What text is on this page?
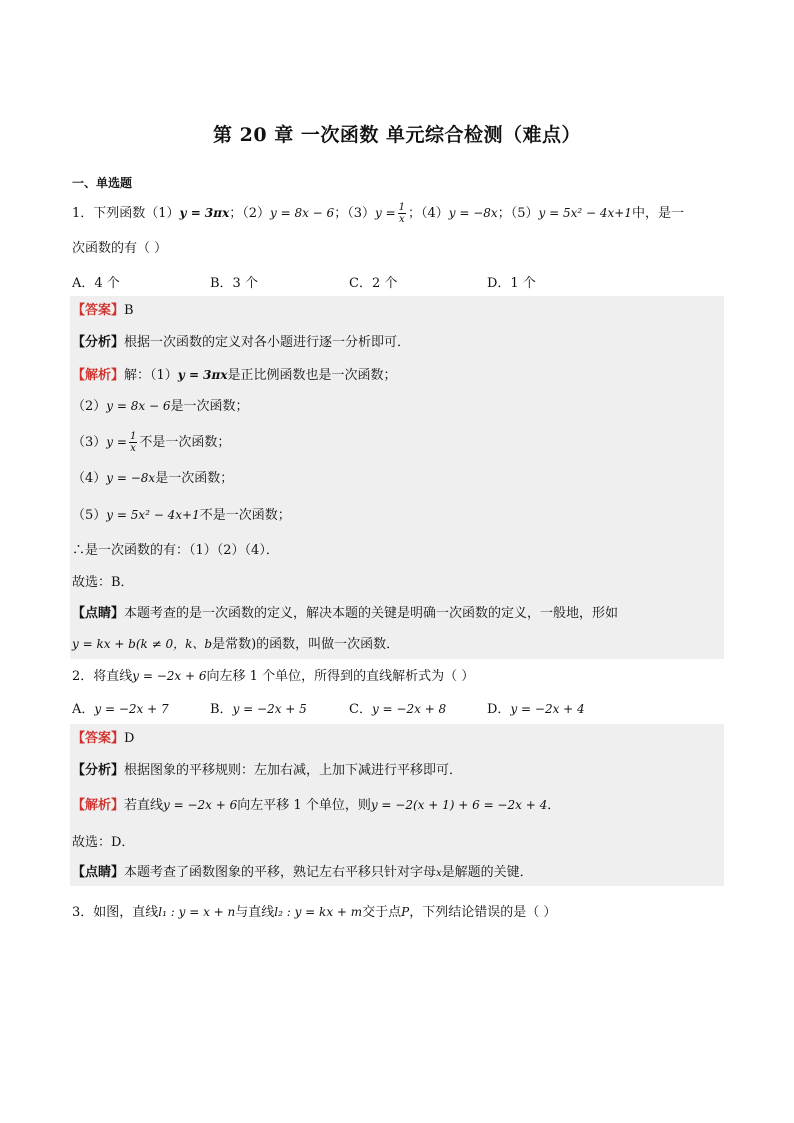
第 20 章 一次函数 单元综合检测（难点）
一、单选题
1．下列函数（1）y = 3πx；（2）y = 8x − 6；$(3)y = \frac{1}{x}$ ；（4）y = −8x；（5）y = 5x² − 4x+1中，是一
次函数的有（ ）
A．4 个	B．3 个	C．2 个	D．1 个
【答案】B
【分析】根据一次函数的定义对各小题进行逐一分析即可．
【解析】解：（1）y = 3πx是正比例函数也是一次函数；
（2）y = 8x − 6是一次函数；
$(3)y = \frac{1}{x}$ 不是一次函数；
（4）y = −8x是一次函数；
（5）y = 5x² − 4x+1不是一次函数；
∴是一次函数的有：（1）（2）（4）．
故选：B．
【点睛】本题考查的是一次函数的定义，解决本题的关键是明确一次函数的定义，一般地，形如
y = kx + b(k ≠ 0，k、b是常数)的函数，叫做一次函数．
2．将直线y = −2x + 6向左移 1 个单位，所得到的直线解析式为（ ）
A．y = −2x + 7	B．y = −2x + 5	C．y = −2x + 8	D．y = −2x + 4
【答案】D
【分析】根据图象的平移规则：左加右减，上加下减进行平移即可．
【解析】若直线y = −2x + 6向左平移 1 个单位，则y = −2(x + 1) + 6 = −2x + 4．
故选：D．
【点睛】本题考查了函数图象的平移，熟记左右平移只针对字母x是解题的关键．
3．如图，直线l₁ : y = x + n与直线l₂ : y = kx + m交于点P，下列结论错误的是（ ）
